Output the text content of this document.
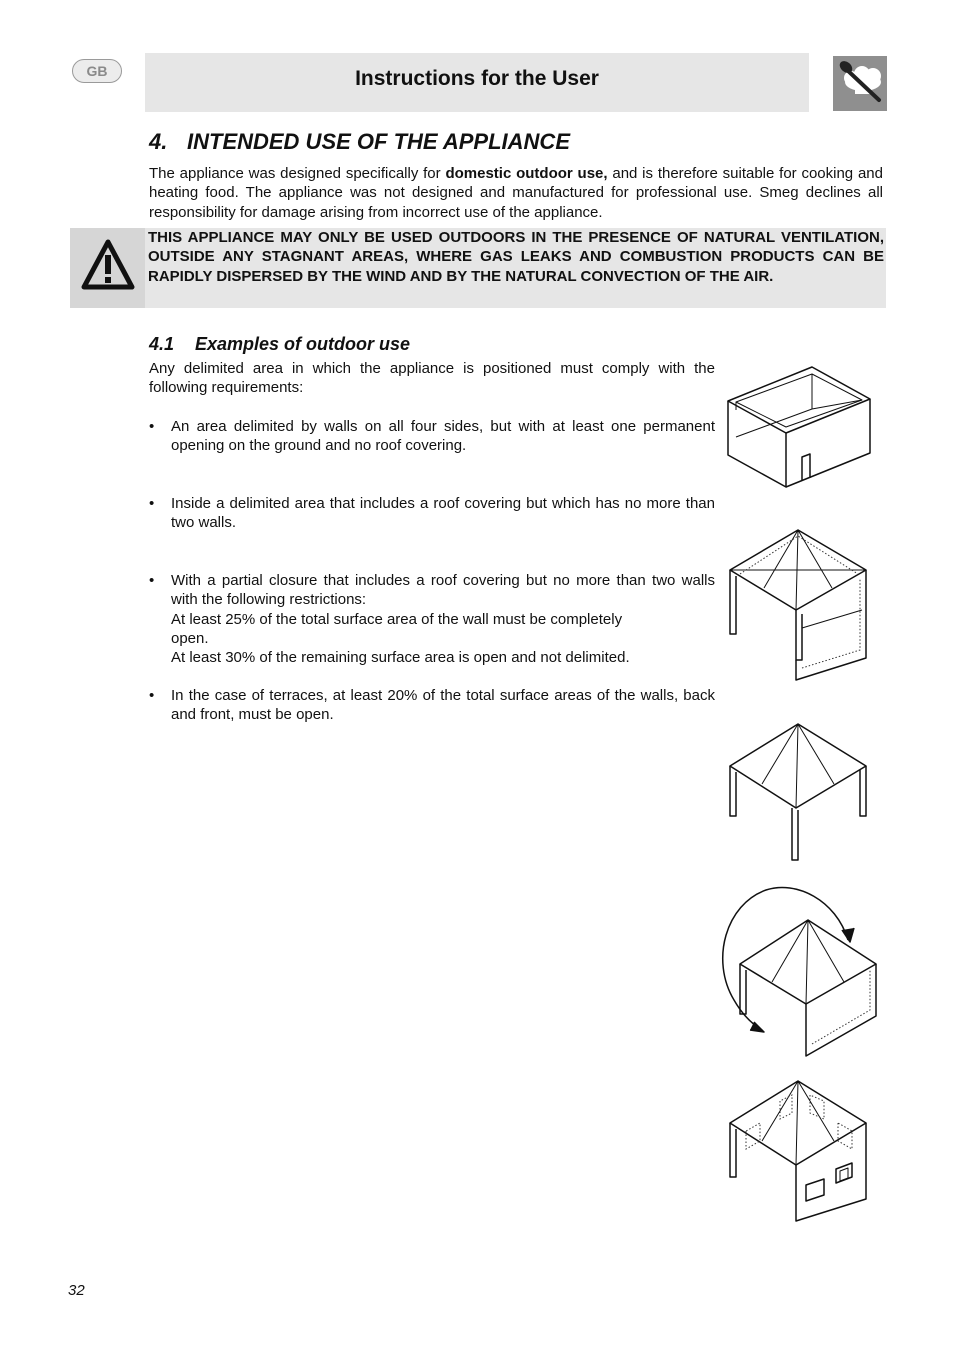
GB	Instructions for the User
4. INTENDED USE OF THE APPLIANCE

The appliance was designed specifically for domestic outdoor use, and is therefore suitable for cooking and heating food. The appliance was not designed and manufactured for professional use. Smeg declines all responsibility for damage arising from incorrect use of the appliance.

THIS APPLIANCE MAY ONLY BE USED OUTDOORS IN THE PRESENCE OF NATURAL VENTILATION, OUTSIDE ANY STAGNANT AREAS, WHERE GAS LEAKS AND COMBUSTION PRODUCTS CAN BE RAPIDLY DISPERSED BY THE WIND AND BY THE NATURAL CONVECTION OF THE AIR.

4.1 Examples of outdoor use

Any delimited area in which the appliance is positioned must comply with the following requirements:

• An area delimited by walls on all four sides, but with at least one permanent opening on the ground and no roof covering.
• Inside a delimited area that includes a roof covering but which has no more than two walls.
• With a partial closure that includes a roof covering but no more than two walls with the following restrictions:
At least 25% of the total surface area of the wall must be completely open.
At least 30% of the remaining surface area is open and not delimited.
• In the case of terraces, at least 20% of the total surface areas of the walls, back and front, must be open.
32
